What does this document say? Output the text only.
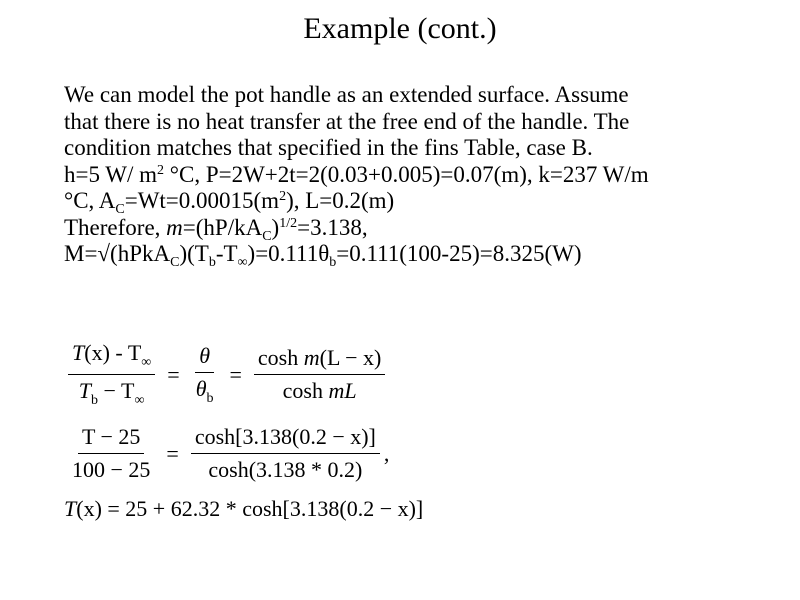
Example (cont.)
We can model the pot handle as an extended surface. Assume
that there is no heat transfer at the free end of the handle. The
condition matches that specified in the fins Table, case B.
h=5 W/ $m^2$ °C, P=2W+2t=2(0.03+0.005)=0.07(m), k=237 W/m
°C, $A_C=Wt=0.00015(m^2)$, L=0.2(m)
Therefore, $m=(hP/kA_C)^{1/2}=3.138$,
$M=√(hPkA_C)(T_b-T_\infty)=0.111\theta_b=0.111(100-25)=8.325(W)$
$\frac{T(x) - T_\infty}{T_b - T_\infty} = \frac{\theta}{\theta_b} = \frac{\text{cosh m(L − x)}}{\text{cosh mL}}$
$\frac{T - 25}{100 - 25} = \frac{\cosh[3.138(0.2 - x)]}{\cosh(3.138 * 0.2)}$ ,
T (x) = 25 + 62.32 * cosh[3.138(0.2 − x)]
